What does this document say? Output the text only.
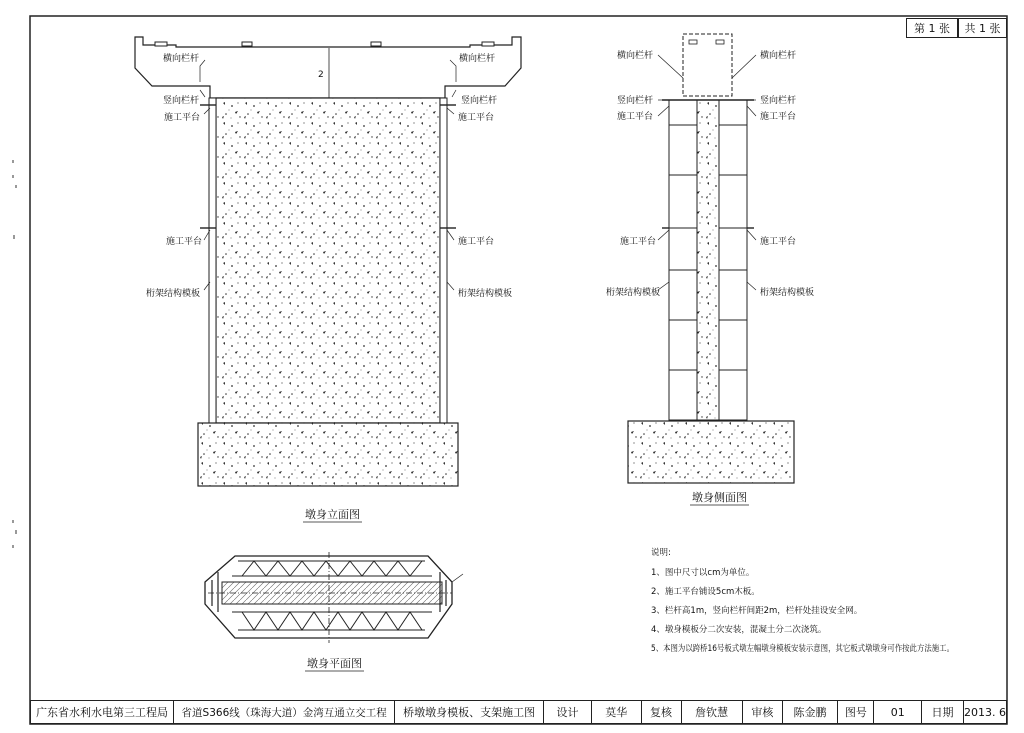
2
横向栏杆	横向栏杆
竖向栏杆	竖向栏杆
施工平台	施工平台
施工平台	施工平台
桁架结构模板	桁架结构模板
墩身立面图
横向栏杆	横向栏杆
竖向栏杆	竖向栏杆
施工平台	施工平台
施工平台	施工平台
桁架结构模板	桁架结构模板
墩身侧面图
墩身平面图
说明:
1、图中尺寸以cm为单位。
2、施工平台铺设5cm木板。
3、栏杆高1m，竖向栏杆间距2m，栏杆处挂设安全网。
4、墩身模板分二次安装，混凝土分二次浇筑。
5、本图为以跨桥16号板式墩左幅墩身模板安装示意图，其它板式墩墩身可作按此方法施工。
第 1 张	共 1 张
广东省水利水电第三工程局	省道S366线（珠海大道）金湾互通立交工程	桥墩墩身模板、支架施工图	设计	莫华	复核	詹钦慧	审核	陈金鹏	图号	01	日期 2013. 6
